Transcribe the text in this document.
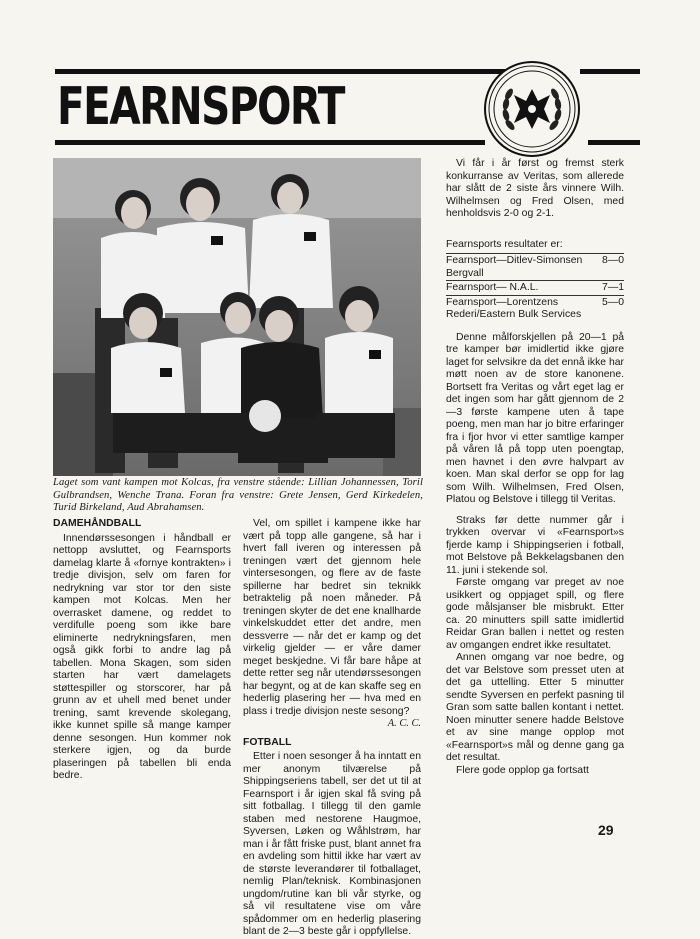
FEARNSPORT
Laget som vant kampen mot Kolcas, fra venstre stående: Lillian Johannessen, Toril Gulbrandsen, Wenche Trana. Foran fra venstre: Grete Jensen, Gerd Kirkedelen, Turid Birkeland, Aud Abrahamsen.

DAMEHÅNDBALL

Innendørssesongen i håndball er nettopp avsluttet, og Fearnsports damelag klarte å «fornye kontrakten» i tredje divisjon, selv om faren for nedrykning var stor tor den siste kampen mot Kolcas. Men her overrasket damene, og reddet to verdifulle poeng som ikke bare eliminerte nedrykningsfaren, men også gikk forbi to andre lag på tabellen. Mona Skagen, som siden starten har vært damelagets støttespiller og storscorer, har på grunn av et uhell med benet under trening, samt krevende skolegang, ikke kunnet spille så mange kamper denne sesongen. Hun kommer nok sterkere igjen, og da burde plaseringen på tabellen bli enda bedre.

Vel, om spillet i kampene ikke har vært på topp alle gangene, så har i hvert fall iveren og interessen på treningen vært det gjennom hele vintersesongen, og flere av de faste spillerne har bedret sin teknikk betraktelig på noen måneder. På treningen skyter de det ene knallharde vinkelskuddet etter det andre, men dessverre — når det er kamp og det virkelig gjelder — er våre damer meget beskjedne. Vi får bare håpe at dette retter seg når utendørssesongen har begynt, og at de kan skaffe seg en hederlig plasering her — hva med en plass i tredje divisjon neste sesong?

A. C. C.

FOTBALL

Etter i noen sesonger å ha inntatt en mer anonym tilværelse på Shippingseriens tabell, ser det ut til at Fearnsport i år igjen skal få sving på sitt fotballag. I tillegg til den gamle staben med nestorene Haugmoe, Syversen, Løken og Wåhlstrøm, har man i år fått friske pust, blant annet fra en avdeling som hittil ikke har vært av de største leverandører til fotballaget, nemlig Plan/teknisk. Kombinasjonen ungdom/rutine kan bli vår styrke, og så vil resultatene vise om våre spådommer om en hederlig plasering blant de 2—3 beste går i oppfyllelse.

Vi får i år først og fremst sterk konkurranse av Veritas, som allerede har slått de 2 siste års vinnere Wilh. Wilhelmsen og Fred Olsen, med henholdsvis 2-0 og 2-1.

Fearnsports resultater er:
Fearnsport—Ditlev-Simonsen Bergvall
8—0
Fearnsport— N.A.L.	7—1
Fearnsport—Lorentzens Rederi/Eastern Bulk Services
5—0

Denne målforskjellen på 20—1 på tre kamper bør imidlertid ikke gjøre laget for selvsikre da det ennå ikke har møtt noen av de store kanonene. Bortsett fra Veritas og vårt eget lag er det ingen som har gått gjennom de 2—3 første kampene uten å tape poeng, men man har jo bitre erfaringer fra i fjor hvor vi etter samtlige kamper på våren lå på topp uten poengtap, men havnet i den øvre halvpart av koen. Man skal derfor se opp for lag som Wilh. Wilhelmsen, Fred Olsen, Platou og Belstove i tillegg til Veritas.

Straks før dette nummer går i trykken overvar vi «Fearnsport»s fjerde kamp i Shippingserien i fotball, mot Belstove på Bekkelagsbanen den 11. juni i stekende sol.

Første omgang var preget av noe usikkert og oppjaget spill, og flere gode målsjanser ble misbrukt. Etter ca. 20 minutters spill satte imidlertid Reidar Gran ballen i nettet og resten av omgangen endret ikke resultatet.

Annen omgang var noe bedre, og det var Belstove som presset uten at det ga uttelling. Etter 5 minutter sendte Syversen en perfekt pasning til Gran som satte ballen kontant i nettet. Noen minutter senere hadde Belstove et av sine mange opplop mot «Fearnsport»s mål og denne gang ga det resultat.

Flere gode opplop ga fortsatt

29
